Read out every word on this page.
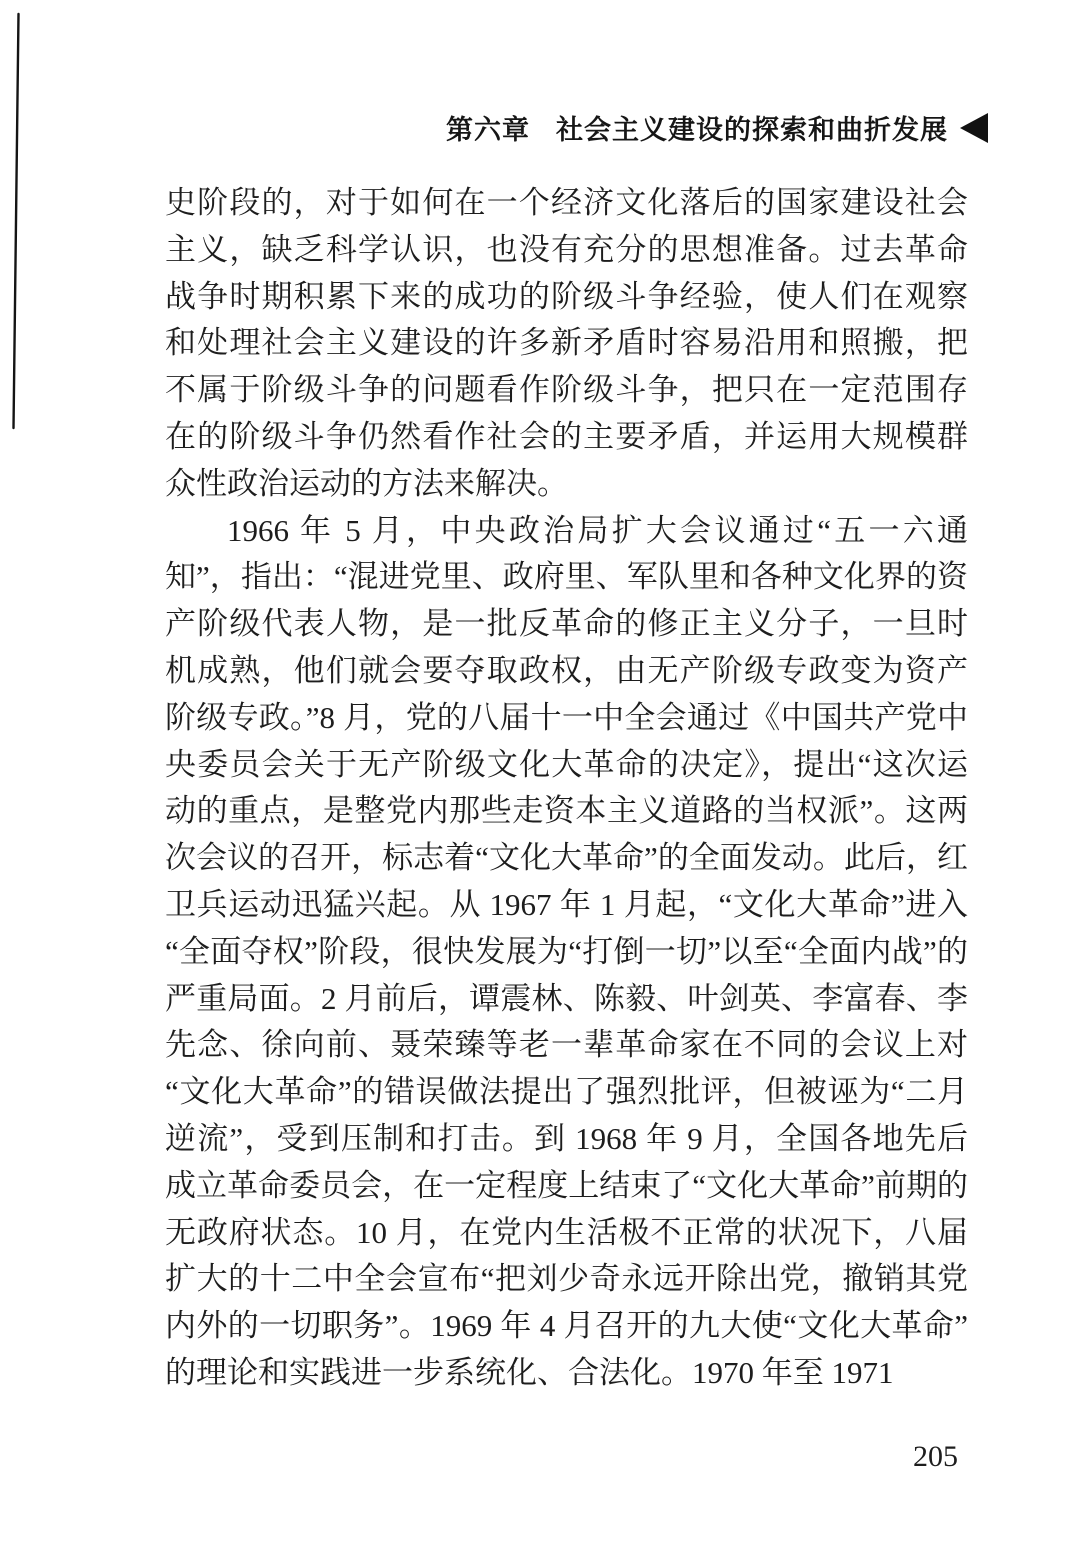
第六章 社会主义建设的探索和曲折发展

史阶段的，对于如何在一个经济文化落后的国家建设社会主义，缺乏科学认识，也没有充分的思想准备。过去革命战争时期积累下来的成功的阶级斗争经验，使人们在观察和处理社会主义建设的许多新矛盾时容易沿用和照搬，把不属于阶级斗争的问题看作阶级斗争，把只在一定范围存在的阶级斗争仍然看作社会的主要矛盾，并运用大规模群众性政治运动的方法来解决。

1966 年 5 月，中央政治局扩大会议通过“五一六通知”，指出：“混进党里、政府里、军队里和各种文化界的资产阶级代表人物，是一批反革命的修正主义分子，一旦时机成熟，他们就会要夺取政权，由无产阶级专政变为资产阶级专政。”8 月，党的八届十一中全会通过《中国共产党中央委员会关于无产阶级文化大革命的决定》，提出“这次运动的重点，是整党内那些走资本主义道路的当权派”。这两次会议的召开，标志着“文化大革命”的全面发动。此后，红卫兵运动迅猛兴起。从 1967 年 1 月起，“文化大革命”进入“全面夺权”阶段，很快发展为“打倒一切”以至“全面内战”的严重局面。2 月前后，谭震林、陈毅、叶剑英、李富春、李先念、徐向前、聂荣臻等老一辈革命家在不同的会议上对“文化大革命”的错误做法提出了强烈批评，但被诬为“二月逆流”，受到压制和打击。到 1968 年 9 月，全国各地先后成立革命委员会，在一定程度上结束了“文化大革命”前期的无政府状态。10 月，在党内生活极不正常的状况下，八届扩大的十二中全会宣布“把刘少奇永远开除出党，撤销其党内外的一切职务”。1969 年 4 月召开的九大使“文化大革命”的理论和实践进一步系统化、合法化。1970 年至 1971

205
